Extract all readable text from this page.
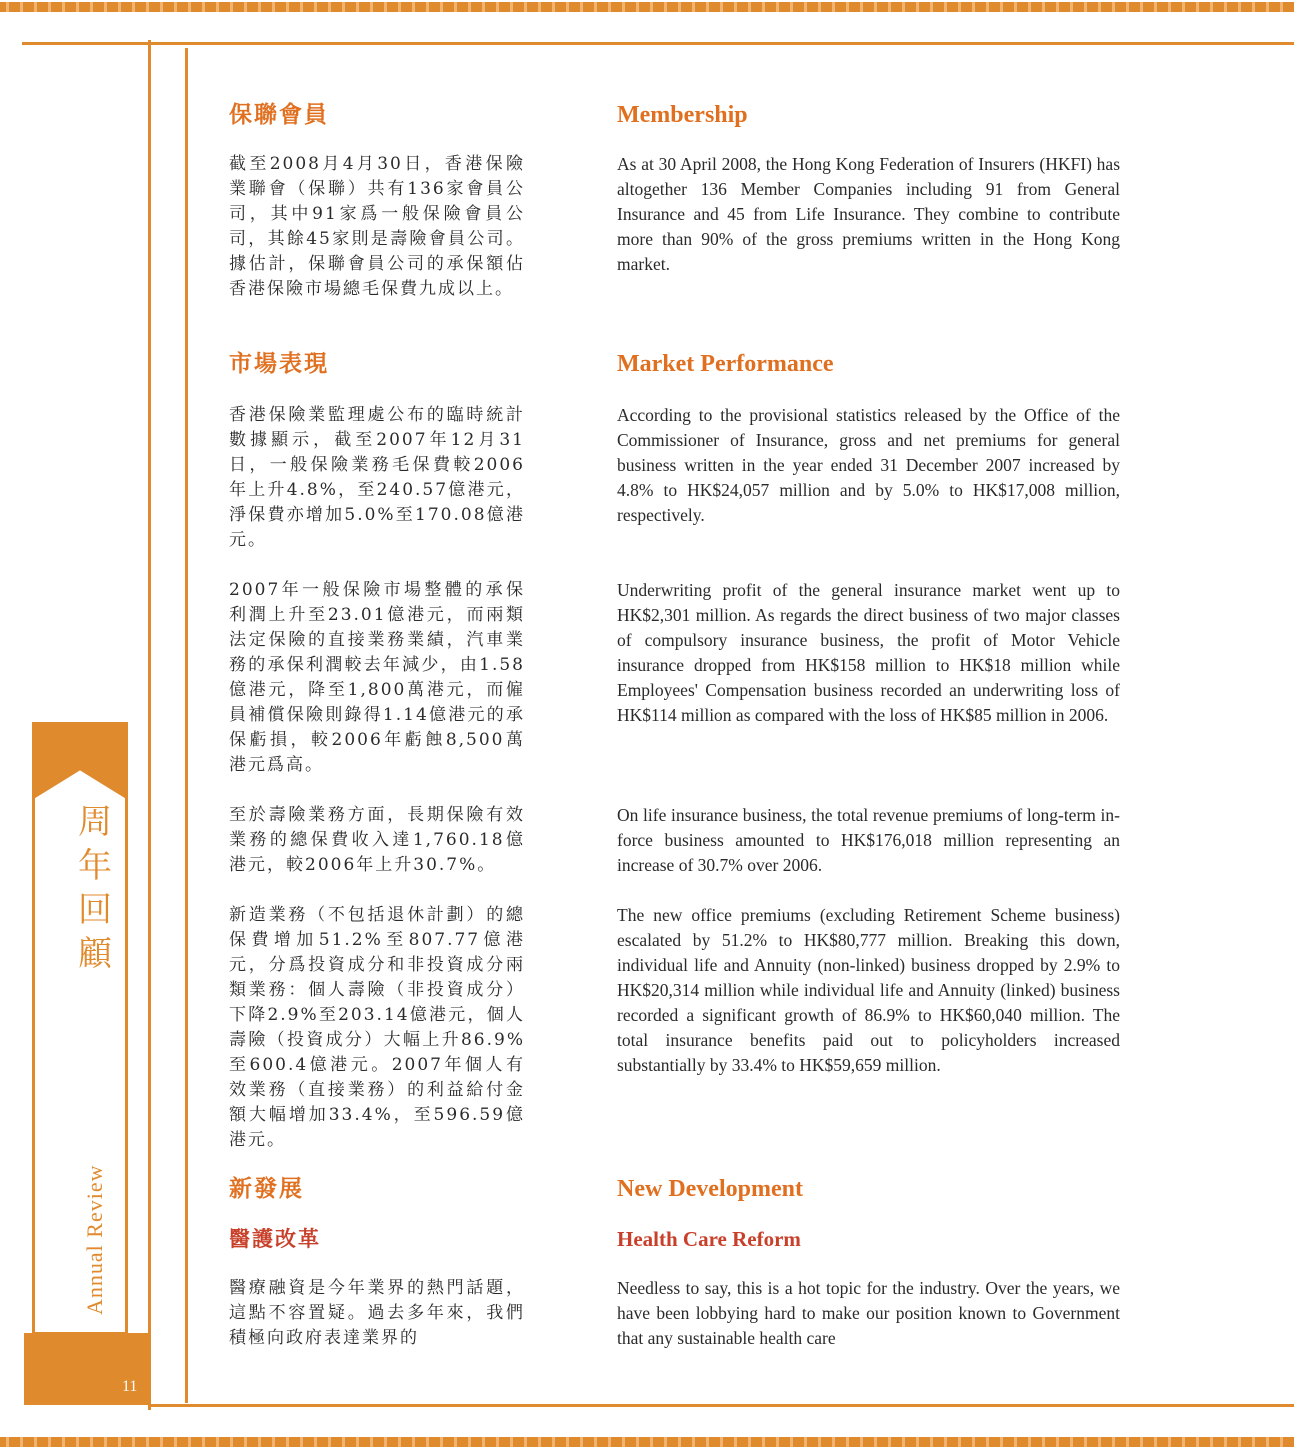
周
年
回
顧
Annual Review
11
保聯會員

截至2008月4月30日，香港保險業聯會（保聯）共有136家會員公司，其中91家爲一般保險會員公司，其餘45家則是壽險會員公司。據估計，保聯會員公司的承保額佔香港保險市場總毛保費九成以上。

Membership

As at 30 April 2008, the Hong Kong Federation of Insurers (HKFI) has altogether 136 Member Companies including 91 from General Insurance and 45 from Life Insurance. They combine to contribute more than 90% of the gross premiums written in the Hong Kong market.

市場表現	Market Performance

香港保險業監理處公布的臨時統計數據顯示，截至2007年12月31日，一般保險業務毛保費較2006年上升4.8%，至240.57億港元，淨保費亦增加5.0%至170.08億港元。

According to the provisional statistics released by the Office of the Commissioner of Insurance, gross and net premiums for general business written in the year ended 31 December 2007 increased by 4.8% to HK$24,057 million and by 5.0% to HK$17,008 million, respectively.

2007年一般保險市場整體的承保利潤上升至23.01億港元，而兩類法定保險的直接業務業績，汽車業務的承保利潤較去年減少，由1.58億港元，降至1,800萬港元，而僱員補償保險則錄得1.14億港元的承保虧損，較2006年虧蝕8,500萬港元爲高。

Underwriting profit of the general insurance market went up to HK$2,301 million. As regards the direct business of two major classes of compulsory insurance business, the profit of Motor Vehicle insurance dropped from HK$158 million to HK$18 million while Employees' Compensation business recorded an underwriting loss of HK$114 million as compared with the loss of HK$85 million in 2006.

至於壽險業務方面，長期保險有效業務的總保費收入達1,760.18億港元，較2006年上升30.7%。

On life insurance business, the total revenue premiums of long-term in-force business amounted to HK$176,018 million representing an increase of 30.7% over 2006.

新造業務（不包括退休計劃）的總保費增加51.2%至807.77億港元，分爲投資成分和非投資成分兩類業務：個人壽險（非投資成分）下降2.9%至203.14億港元，個人壽險（投資成分）大幅上升86.9%至600.4億港元。2007年個人有效業務（直接業務）的利益給付金額大幅增加33.4%，至596.59億港元。

The new office premiums (excluding Retirement Scheme business) escalated by 51.2% to HK$80,777 million. Breaking this down, individual life and Annuity (non-linked) business dropped by 2.9% to HK$20,314 million while individual life and Annuity (linked) business recorded a significant growth of 86.9% to HK$60,040 million. The total insurance benefits paid out to policyholders increased substantially by 33.4% to HK$59,659 million.

新發展
醫護改革

醫療融資是今年業界的熱門話題，這點不容置疑。過去多年來，我們積極向政府表達業界的

New Development
Health Care Reform

Needless to say, this is a hot topic for the industry. Over the years, we have been lobbying hard to make our position known to Government that any sustainable health care
